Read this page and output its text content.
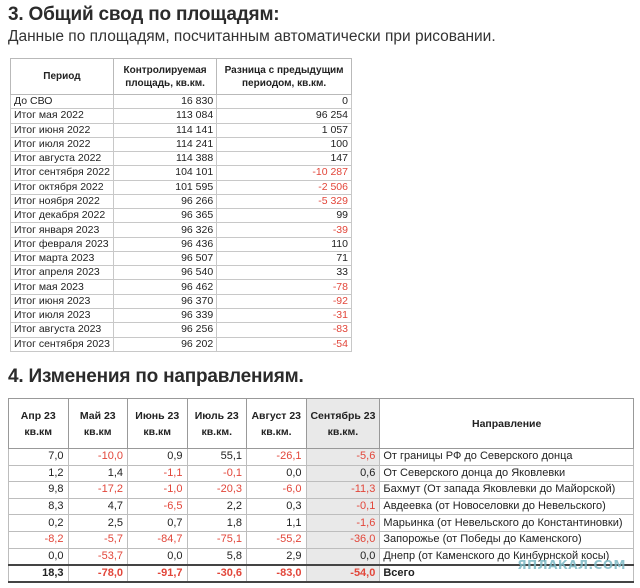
3. Общий свод по площадям:
Данные по площадям, посчитанным автоматически при рисовании.
Период	Контролируемая площадь, кв.км.	Разница с предыдущим периодом, кв.км.
До СВО	16 830	0
Итог мая 2022	113 084	96 254
Итог июня 2022	114 141	1 057
Итог июля 2022	114 241	100
Итог августа 2022	114 388	147
Итог сентября 2022	104 101	-10 287
Итог октября 2022	101 595	-2 506
Итог ноября 2022	96 266	-5 329
Итог декабря 2022	96 365	99
Итог января 2023	96 326	-39
Итог февраля 2023	96 436	110
Итог марта 2023	96 507	71
Итог апреля 2023	96 540	33
Итог мая 2023	96 462	-78
Итог июня 2023	96 370	-92
Итог июля 2023	96 339	-31
Итог августа 2023	96 256	-83
Итог сентября 2023	96 202	-54
4. Изменения по направлениям.
Апр 23 кв.км	Май 23 кв.км	Июнь 23 кв.км	Июль 23 кв.км.	Август 23 кв.км.	Сентябрь 23 кв.км.	Направление
7,0	-10,0	0,9	55,1	-26,1	-5,6	От границы РФ до Северского донца
1,2	1,4	-1,1	-0,1	0,0	0,6	От Северского донца до Яковлевки
9,8	-17,2	-1,0	-20,3	-6,0	-11,3	Бахмут (От запада Яковлевки до Майорской)
8,3	4,7	-6,5	2,2	0,3	-0,1	Авдеевка (от Новоселовки до Невельского)
0,2	2,5	0,7	1,8	1,1	-1,6	Марьинка (от Невельского до Константиновки)
-8,2	-5,7	-84,7	-75,1	-55,2	-36,0	Запорожье (от Победы до Каменского)
0,0	-53,7	0,0	5,8	2,9	0,0	Днепр (от Каменского до Кинбурнской косы)
18,3	-78,0	-91,7	-30,6	-83,0	-54,0	Всего
ЯПЛАКАЛ.COM
